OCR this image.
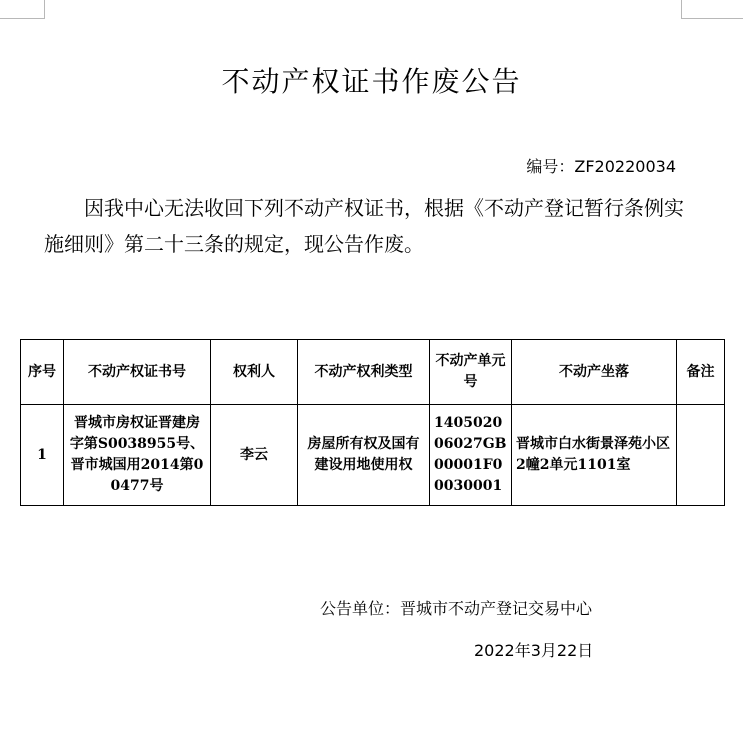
不动产权证书作废公告
编号：ZF20220034
因我中心无法收回下列不动产权证书，根据《不动产登记暂行条例实施细则》第二十三条的规定，现公告作废。
序号	不动产权证书号	权利人	不动产权利类型	不动产单元号	不动产坐落	备注
1	晋城市房权证晋建房字第S0038955号、晋市城国用2014第00477号	李云	房屋所有权及国有建设用地使用权	140502006027GB00001F00030001	晋城市白水街景泽苑小区2幢2单元1101室	
公告单位：晋城市不动产登记交易中心
2022年3月22日
